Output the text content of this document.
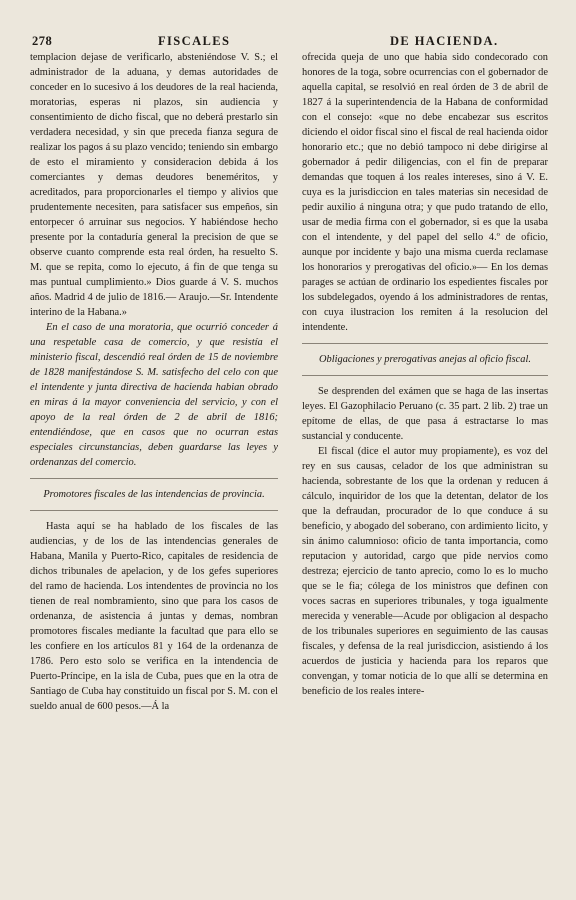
278	FISCALES	DE HACIENDA.

templacion dejase de verificarlo, absteniéndose V. S.; el administrador de la aduana, y demas autoridades de conceder en lo sucesivo á los deudores de la real hacienda, moratorias, esperas ni plazos, sin audiencia y consentimiento de dicho fiscal, que no deberá prestarlo sin verdadera necesidad, y sin que preceda fianza segura de realizar los pagos á su plazo vencido; teniendo sin embargo de esto el miramiento y consideracion debida á los comerciantes y demas deudores beneméritos, y acreditados, para proporcionarles el tiempo y alivios que prudentemente necesiten, para satisfacer sus empeños, sin entorpecer ó arruinar sus negocios. Y habiéndose hecho presente por la contaduría general la precision de que se observe cuanto comprende esta real órden, ha resuelto S. M. que se repita, como lo ejecuto, á fin de que tenga su mas puntual cumplimiento.» Dios guarde á V. S. muchos años. Madrid 4 de julio de 1816.— Araujo.—Sr. Intendente interino de la Habana.»

En el caso de una moratoria, que ocurrió conceder á una respetable casa de comercio, y que resistía el ministerio fiscal, descendió real órden de 15 de noviembre de 1828 manifestándose S. M. satisfecho del celo con que el intendente y junta directiva de hacienda habian obrado en miras á la mayor conveniencia del servicio, y con el apoyo de la real órden de 2 de abril de 1816; entendiéndose, que en casos que no ocurran estas especiales circunstancias, deben guardarse las leyes y ordenanzas del comercio.

Promotores fiscales de las intendencias de provincia.

Hasta aquí se ha hablado de los fiscales de las audiencias, y de los de las intendencias generales de Habana, Manila y Puerto-Rico, capitales de residencia de dichos tribunales de apelacion, y de los gefes superiores del ramo de hacienda. Los intendentes de provincia no los tienen de real nombramiento, sino que para los casos de ordenanza, de asistencia á juntas y demas, nombran promotores fiscales mediante la facultad que para ello se les confiere en los artículos 81 y 164 de la ordenanza de 1786. Pero esto solo se verifica en la intendencia de Puerto-Príncipe, en la isla de Cuba, pues que en la otra de Santiago de Cuba hay constituido un fiscal por S. M. con el sueldo anual de 600 pesos.—Á la

ofrecida queja de uno que habia sido condecorado con honores de la toga, sobre ocurrencias con el gobernador de aquella capital, se resolvió en real órden de 3 de abril de 1827 á la superintendencia de la Habana de conformidad con el consejo: «que no debe encabezar sus escritos diciendo el oidor fiscal sino el fiscal de real hacienda oidor honorario etc.; que no debió tampoco ni debe dirigirse al gobernador á pedir diligencias, con el fin de preparar demandas que toquen á los reales intereses, sino á V. E. cuya es la jurisdiccion en tales materias sin necesidad de pedir auxilio á ninguna otra; y que pudo tratando de ello, usar de media firma con el gobernador, si es que la usaba con el intendente, y del papel del sello 4.º de oficio, aunque por incidente y bajo una misma cuerda reclamase los honorarios y prerogativas del oficio.»— En los demas parages se actúan de ordinario los espedientes fiscales por los subdelegados, oyendo á los administradores de rentas, con cuya ilustracion los remiten á la resolucion del intendente.

Obligaciones y prerogativas anejas al oficio fiscal.

Se desprenden del exámen que se haga de las insertas leyes. El Gazophilacio Peruano (c. 35 part. 2 lib. 2) trae un epítome de ellas, de que pasa á estractarse lo mas sustancial y conducente.

El fiscal (dice el autor muy propiamente), es voz del rey en sus causas, celador de los que administran su hacienda, sobrestante de los que la ordenan y reducen á cálculo, inquiridor de los que la detentan, delator de los que la defraudan, procurador de lo que conduce á su beneficio, y abogado del soberano, con ardimiento licito, y sin ánimo calumnioso: oficio de tanta importancia, como reputacion y autoridad, cargo que pide nervios como destreza; ejercicio de tanto aprecio, como lo es lo mucho que se le fia; cólega de los ministros que definen con voces sacras en superiores tribunales, y toga igualmente merecida y venerable—Acude por obligacion al despacho de los tribunales superiores en seguimiento de las causas fiscales, y defensa de la real jurisdiccion, asistiendo á los acuerdos de justicia y hacienda para los reparos que convengan, y tomar noticia de lo que allí se determina en beneficio de los reales intere-
